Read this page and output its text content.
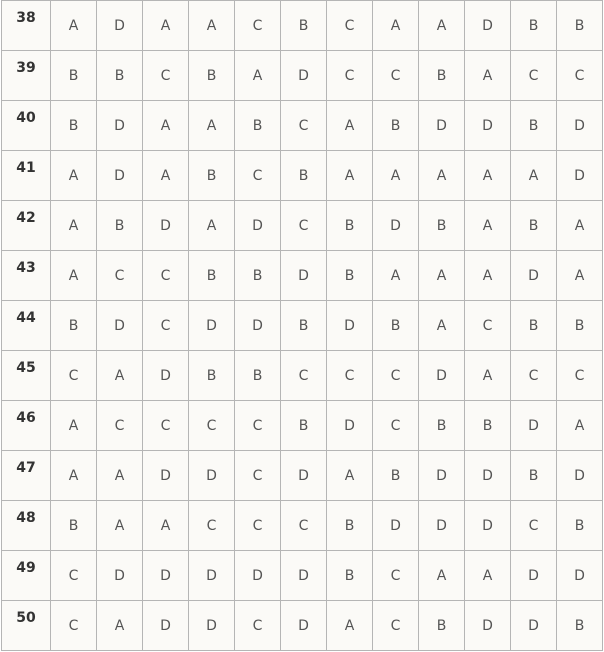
38	A	D	A	A	C	B	C	A	A	D	B	B
39	B	B	C	B	A	D	C	C	B	A	C	C
40	B	D	A	A	B	C	A	B	D	D	B	D
41	A	D	A	B	C	B	A	A	A	A	A	D
42	A	B	D	A	D	C	B	D	B	A	B	A
43	A	C	C	B	B	D	B	A	A	A	D	A
44	B	D	C	D	D	B	D	B	A	C	B	B
45	C	A	D	B	B	C	C	C	D	A	C	C
46	A	C	C	C	C	B	D	C	B	B	D	A
47	A	A	D	D	C	D	A	B	D	D	B	D
48	B	A	A	C	C	C	B	D	D	D	C	B
49	C	D	D	D	D	D	B	C	A	A	D	D
50	C	A	D	D	C	D	A	C	B	D	D	B
